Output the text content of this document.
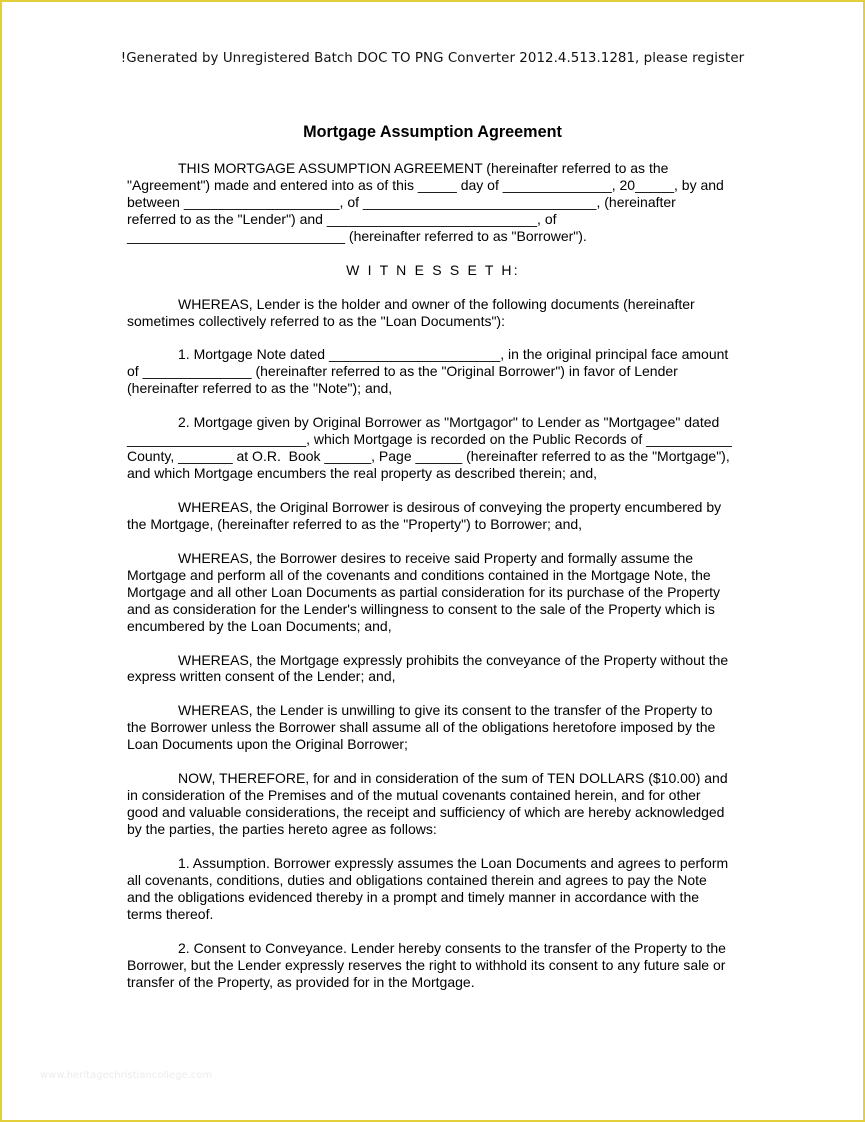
!Generated by Unregistered Batch DOC TO PNG Converter 2012.4.513.1281, please register
Mortgage Assumption Agreement

THIS MORTGAGE ASSUMPTION AGREEMENT (hereinafter referred to as the
"Agreement") made and entered into as of this _____ day of ______________, 20_____, by and
between ____________________, of ______________________________, (hereinafter
referred to as the "Lender") and ___________________________, of
____________________________ (hereinafter referred to as "Borrower").

W I T N E S S E T H:

WHEREAS, Lender is the holder and owner of the following documents (hereinafter
sometimes collectively referred to as the "Loan Documents"):

1. Mortgage Note dated ______________________, in the original principal face amount
of ______________ (hereinafter referred to as the "Original Borrower") in favor of Lender
(hereinafter referred to as the "Note"); and,

2. Mortgage given by Original Borrower as "Mortgagor" to Lender as "Mortgagee" dated
_______________________, which Mortgage is recorded on the Public Records of ___________
County, _______ at O.R.  Book ______, Page ______ (hereinafter referred to as the "Mortgage"),
and which Mortgage encumbers the real property as described therein; and,

WHEREAS, the Original Borrower is desirous of conveying the property encumbered by
the Mortgage, (hereinafter referred to as the "Property") to Borrower; and,

WHEREAS, the Borrower desires to receive said Property and formally assume the
Mortgage and perform all of the covenants and conditions contained in the Mortgage Note, the
Mortgage and all other Loan Documents as partial consideration for its purchase of the Property
and as consideration for the Lender's willingness to consent to the sale of the Property which is
encumbered by the Loan Documents; and,

WHEREAS, the Mortgage expressly prohibits the conveyance of the Property without the
express written consent of the Lender; and,

WHEREAS, the Lender is unwilling to give its consent to the transfer of the Property to
the Borrower unless the Borrower shall assume all of the obligations heretofore imposed by the
Loan Documents upon the Original Borrower;

NOW, THEREFORE, for and in consideration of the sum of TEN DOLLARS ($10.00) and
in consideration of the Premises and of the mutual covenants contained herein, and for other
good and valuable considerations, the receipt and sufficiency of which are hereby acknowledged
by the parties, the parties hereto agree as follows:

1. Assumption. Borrower expressly assumes the Loan Documents and agrees to perform
all covenants, conditions, duties and obligations contained therein and agrees to pay the Note
and the obligations evidenced thereby in a prompt and timely manner in accordance with the
terms thereof.

2. Consent to Conveyance. Lender hereby consents to the transfer of the Property to the
Borrower, but the Lender expressly reserves the right to withhold its consent to any future sale or
transfer of the Property, as provided for in the Mortgage.

www.heritagechristiancollege.com
